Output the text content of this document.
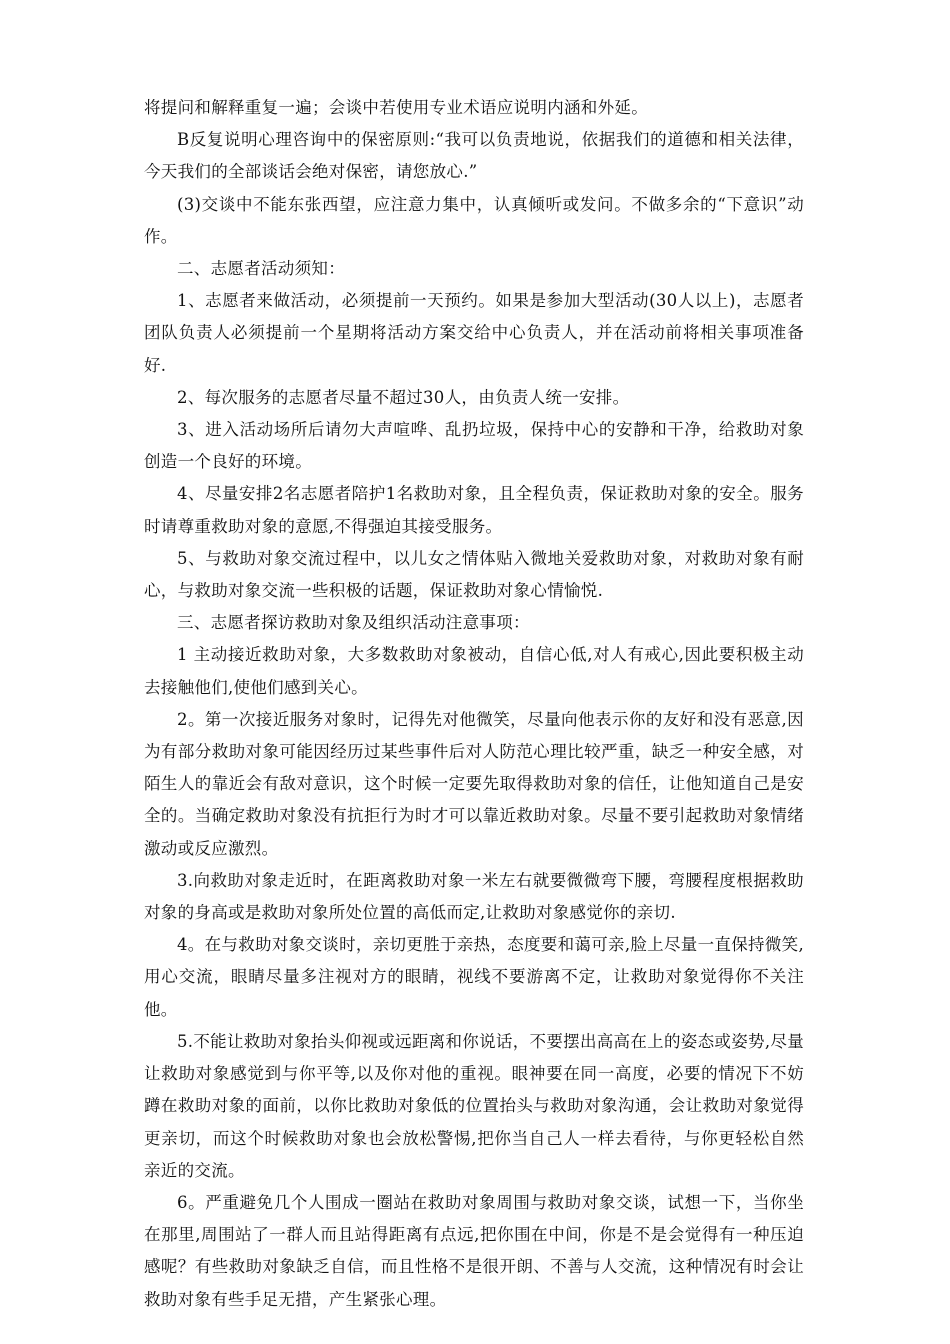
将提问和解释重复一遍；会谈中若使用专业术语应说明内涵和外延。

B反复说明心理咨询中的保密原则:“我可以负责地说，依据我们的道德和相关法律，今天我们的全部谈话会绝对保密，请您放心.”

(3)交谈中不能东张西望，应注意力集中，认真倾听或发问。不做多余的“下意识”动作。

二、志愿者活动须知：

1、志愿者来做活动，必须提前一天预约。如果是参加大型活动(30人以上)，志愿者团队负责人必须提前一个星期将活动方案交给中心负责人，并在活动前将相关事项准备好.

2、每次服务的志愿者尽量不超过30人，由负责人统一安排。

3、进入活动场所后请勿大声喧哗、乱扔垃圾，保持中心的安静和干净，给救助对象创造一个良好的环境。

4、尽量安排2名志愿者陪护1名救助对象，且全程负责，保证救助对象的安全。服务时请尊重救助对象的意愿,不得强迫其接受服务。

5、与救助对象交流过程中，以儿女之情体贴入微地关爱救助对象，对救助对象有耐心，与救助对象交流一些积极的话题，保证救助对象心情愉悦.

三、志愿者探访救助对象及组织活动注意事项：

1 主动接近救助对象，大多数救助对象被动，自信心低,对人有戒心,因此要积极主动去接触他们,使他们感到关心。

2。第一次接近服务对象时，记得先对他微笑，尽量向他表示你的友好和没有恶意,因为有部分救助对象可能因经历过某些事件后对人防范心理比较严重，缺乏一种安全感，对陌生人的靠近会有敌对意识，这个时候一定要先取得救助对象的信任，让他知道自己是安全的。当确定救助对象没有抗拒行为时才可以靠近救助对象。尽量不要引起救助对象情绪激动或反应激烈。

3.向救助对象走近时，在距离救助对象一米左右就要微微弯下腰，弯腰程度根据救助对象的身高或是救助对象所处位置的高低而定,让救助对象感觉你的亲切.

4。在与救助对象交谈时，亲切更胜于亲热，态度要和蔼可亲,脸上尽量一直保持微笑,用心交流，眼睛尽量多注视对方的眼睛，视线不要游离不定，让救助对象觉得你不关注他。

5.不能让救助对象抬头仰视或远距离和你说话，不要摆出高高在上的姿态或姿势,尽量让救助对象感觉到与你平等,以及你对他的重视。眼神要在同一高度，必要的情况下不妨蹲在救助对象的面前，以你比救助对象低的位置抬头与救助对象沟通，会让救助对象觉得更亲切，而这个时候救助对象也会放松警惕,把你当自己人一样去看待，与你更轻松自然亲近的交流。

6。严重避免几个人围成一圈站在救助对象周围与救助对象交谈，试想一下，当你坐在那里,周围站了一群人而且站得距离有点远,把你围在中间，你是不是会觉得有一种压迫感呢？有些救助对象缺乏自信，而且性格不是很开朗、不善与人交流，这种情况有时会让救助对象有些手足无措，产生紧张心理。
